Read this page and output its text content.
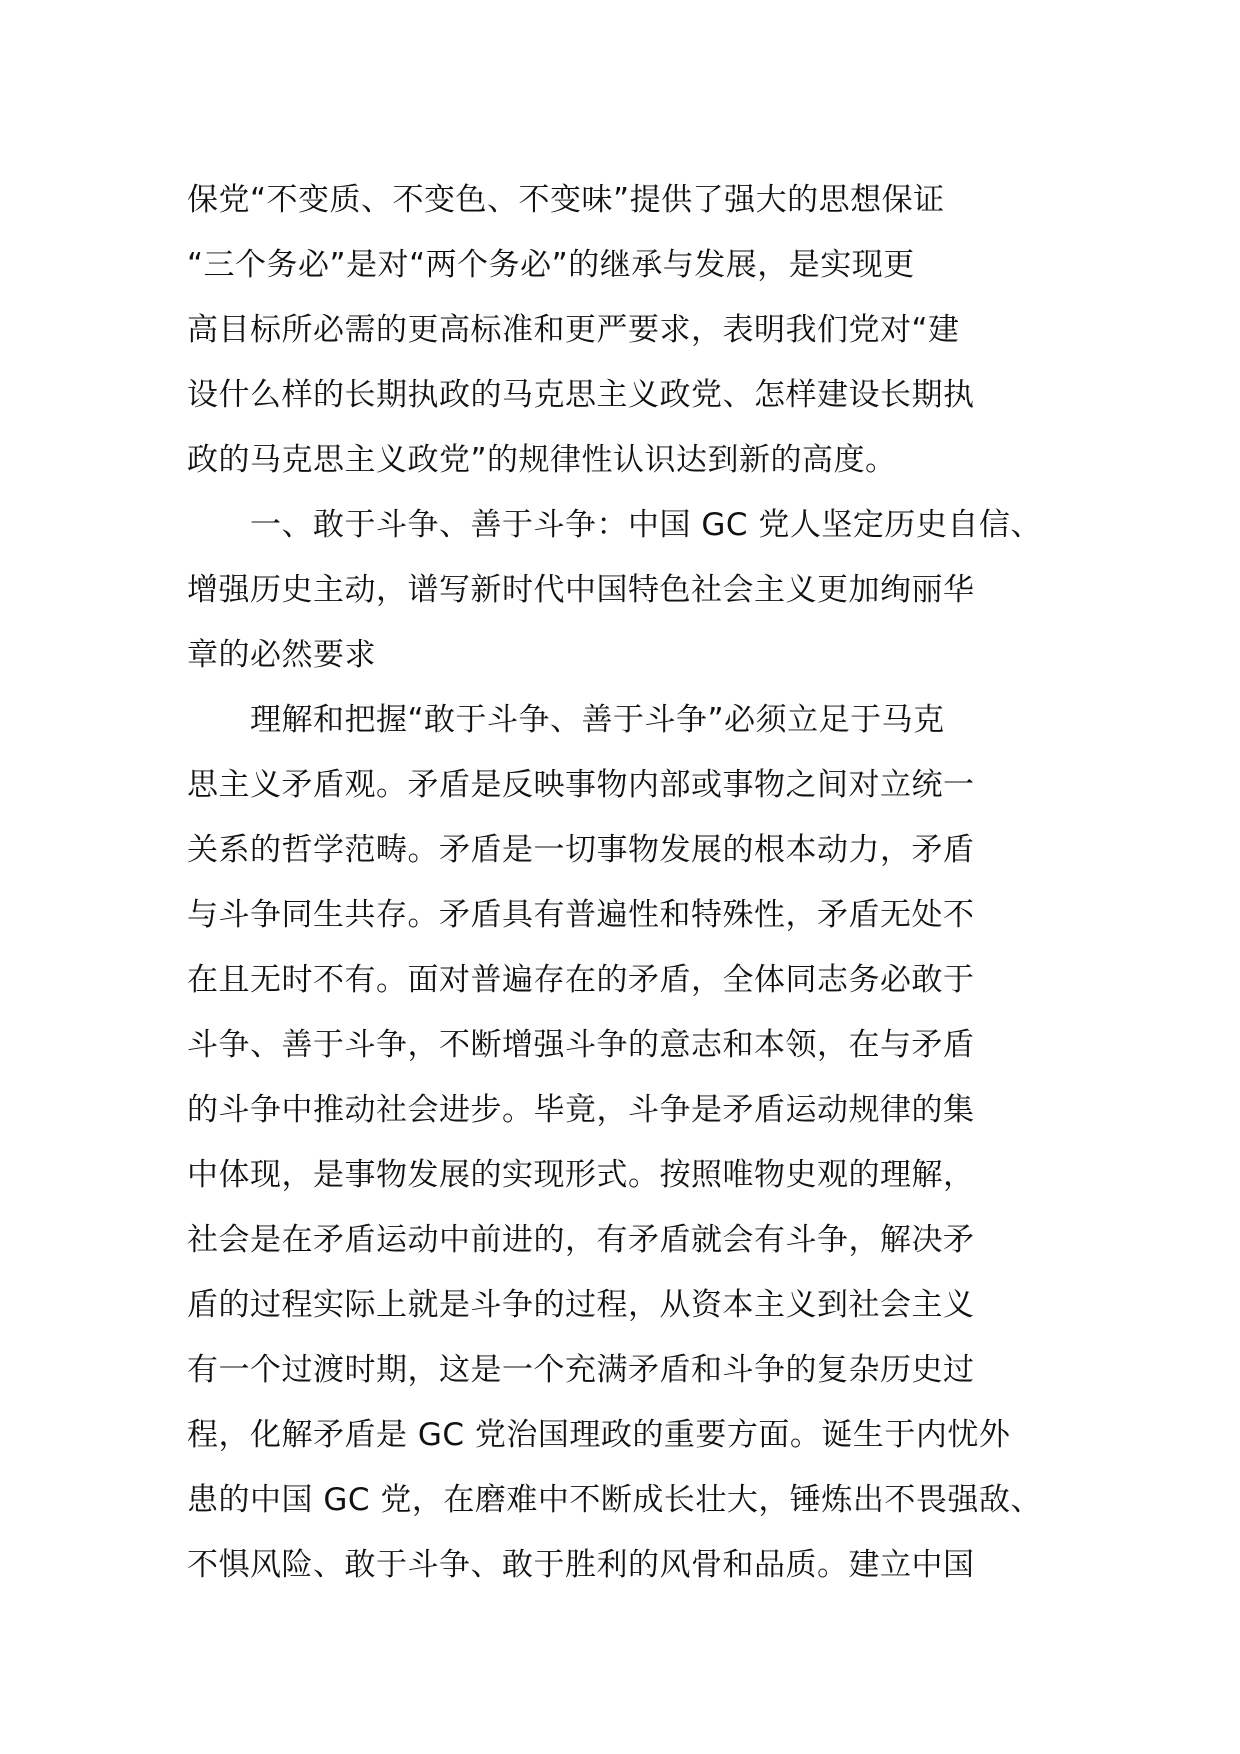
保党“不变质、不变色、不变味”提供了强大的思想保证
“三个务必”是对“两个务必”的继承与发展，是实现更
高目标所必需的更高标准和更严要求，表明我们党对“建
设什么样的长期执政的马克思主义政党、怎样建设长期执
政的马克思主义政党”的规律性认识达到新的高度。
　　一、敢于斗争、善于斗争：中国 GC 党人坚定历史自信、
增强历史主动，谱写新时代中国特色社会主义更加绚丽华
章的必然要求
　　理解和把握“敢于斗争、善于斗争”必须立足于马克
思主义矛盾观。矛盾是反映事物内部或事物之间对立统一
关系的哲学范畴。矛盾是一切事物发展的根本动力，矛盾
与斗争同生共存。矛盾具有普遍性和特殊性，矛盾无处不
在且无时不有。面对普遍存在的矛盾，全体同志务必敢于
斗争、善于斗争，不断增强斗争的意志和本领，在与矛盾
的斗争中推动社会进步。毕竟，斗争是矛盾运动规律的集
中体现，是事物发展的实现形式。按照唯物史观的理解，
社会是在矛盾运动中前进的，有矛盾就会有斗争，解决矛
盾的过程实际上就是斗争的过程，从资本主义到社会主义
有一个过渡时期，这是一个充满矛盾和斗争的复杂历史过
程，化解矛盾是 GC 党治国理政的重要方面。诞生于内忧外
患的中国 GC 党，在磨难中不断成长壮大，锤炼出不畏强敌、
不惧风险、敢于斗争、敢于胜利的风骨和品质。建立中国
